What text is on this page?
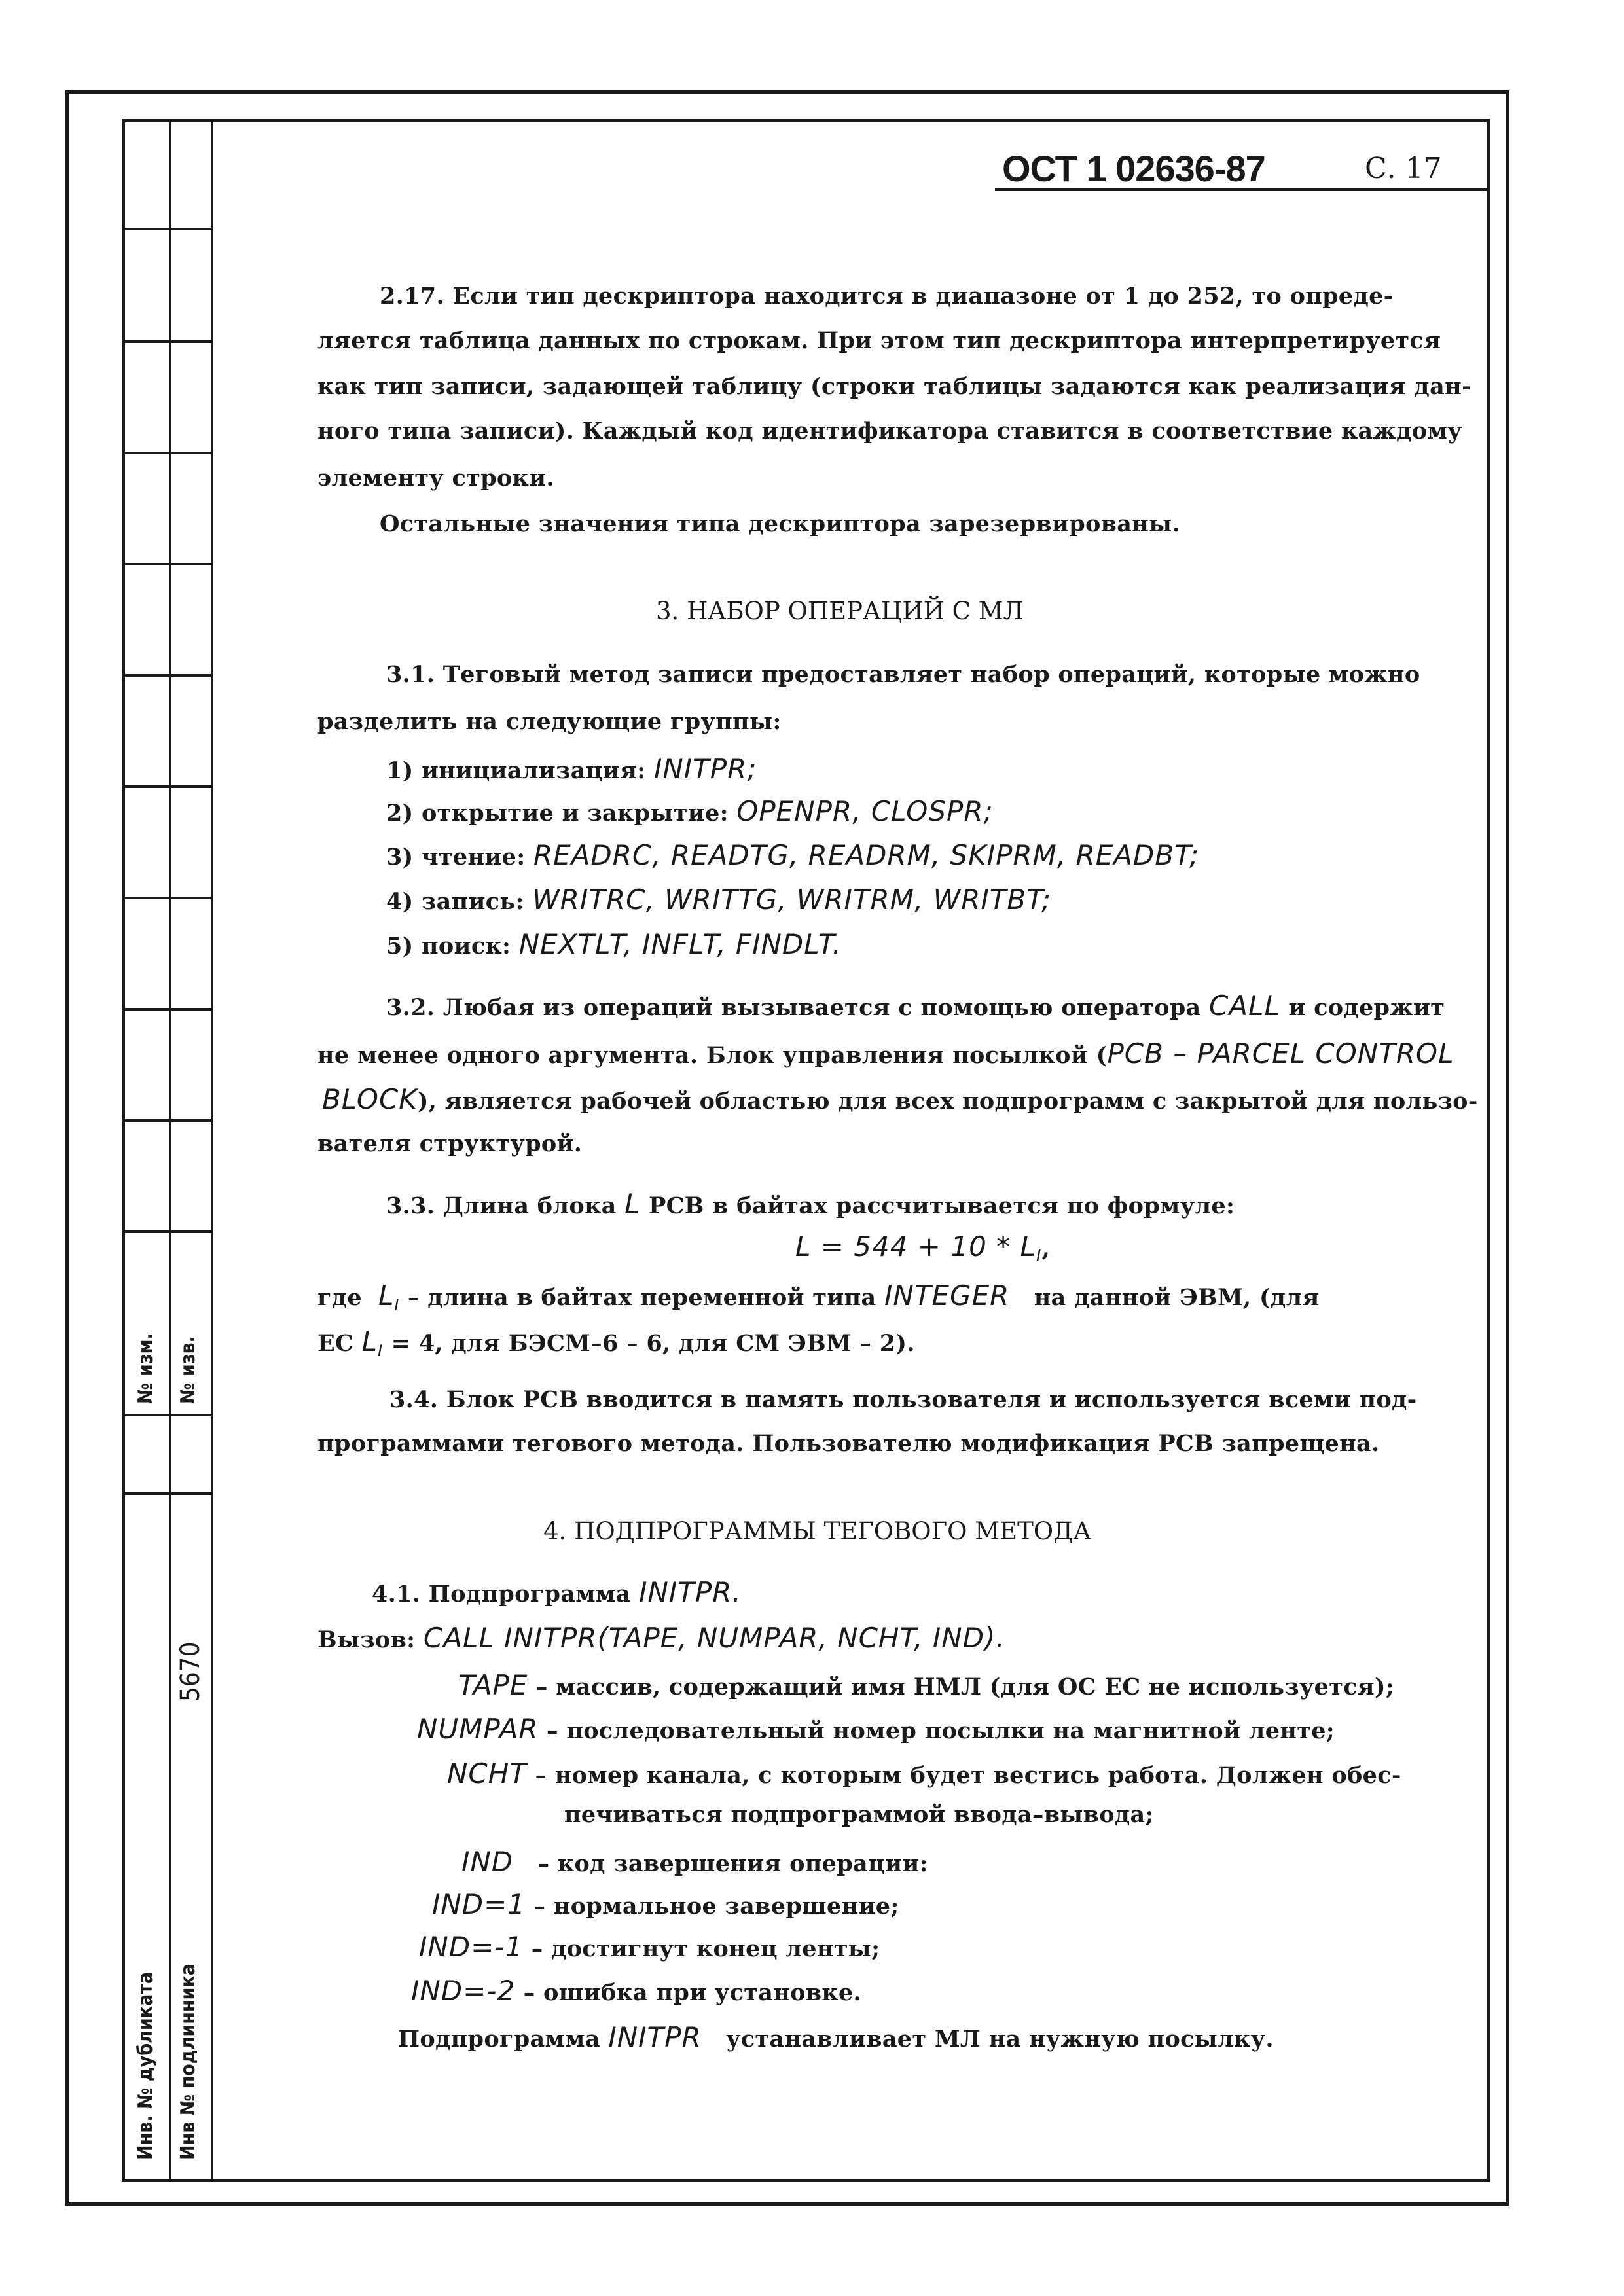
№ изм. № изв.
5670
Инв. № дубликата Инв № подлинника
ОСТ 1 02636-87	С. 17
2.17. Если тип дескриптора находится в диапазоне от 1 до 252, то опреде-
ляется таблица данных по строкам. При этом тип дескриптора интерпретируется
как тип записи, задающей таблицу (строки таблицы задаются как реализация дан-
ного типа записи). Каждый код идентификатора ставится в соответствие каждому
элементу строки.
Остальные значения типа дескриптора зарезервированы.
3. НАБОР ОПЕРАЦИЙ С МЛ
3.1. Теговый метод записи предоставляет набор операций, которые можно
разделить на следующие группы:
1) инициализация: INITPR;
2) открытие и закрытие: OPENPR, CLOSPR;
3) чтение: READRC, READTG, READRM, SKIPRM, READBT;
4) запись: WRITRC, WRITTG, WRITRM, WRITBT;
5) поиск: NEXTLT, INFLT, FINDLT.
3.2. Любая из операций вызывается с помощью оператора CALL и содержит
не менее одного аргумента. Блок управления посылкой (PCB – PARCEL CONTROL
BLOCK), является рабочей областью для всех подпрограмм с закрытой для пользо-
вателя структурой.
3.3. Длина блока L PCB в байтах рассчитывается по формуле:
$L = 544 + 10 * L_I$,
где $L_I$ – длина в байтах переменной типа INTEGER на данной ЭВМ, (для
ЕС $L_I = 4$, для БЭСМ–6 – 6, для СМ ЭВМ – 2).
3.4. Блок PCB вводится в память пользователя и используется всеми под-
программами тегового метода. Пользователю модификация PCB запрещена.
4. ПОДПРОГРАММЫ ТЕГОВОГО МЕТОДА
4.1. Подпрограмма INITPR.
Вызов: CALL INITPR(TAPE, NUMPAR, NCHT, IND).
TAPE – массив, содержащий имя НМЛ (для ОС ЕС не используется);
NUMPAR – последовательный номер посылки на магнитной ленте;
NCHT – номер канала, с которым будет вестись работа. Должен обес-
печиваться подпрограммой ввода–вывода;
IND – код завершения операции:
IND=1 – нормальное завершение;
IND=-1 – достигнут конец ленты;
IND=-2 – ошибка при установке.
Подпрограмма INITPR устанавливает МЛ на нужную посылку.
